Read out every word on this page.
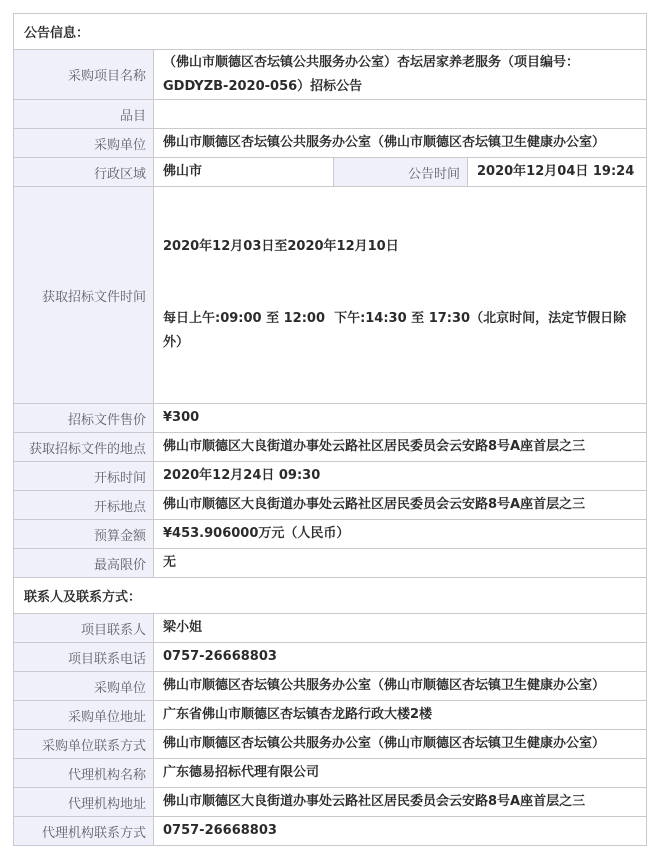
公告信息：			
采购项目名称	（佛山市顺德区杏坛镇公共服务办公室）杏坛居家养老服务（项目编号：GDDYZB-2020-056）招标公告		
品目			
采购单位	佛山市顺德区杏坛镇公共服务办公室（佛山市顺德区杏坛镇卫生健康办公室）		
行政区域	佛山市	公告时间	2020年12月04日 19:24
获取招标文件时间	2020年12月03日至2020年12月10日

每日上午:09:00 至 12:00  下午:14:30 至 17:30（北京时间，法定节假日除外）		

招标文件售价	¥300		
获取招标文件的地点	佛山市顺德区大良街道办事处云路社区居民委员会云安路8号A座首层之三		
开标时间	2020年12月24日 09:30		
开标地点	佛山市顺德区大良街道办事处云路社区居民委员会云安路8号A座首层之三		
预算金额	¥453.906000万元（人民币）		
最高限价	无		
联系人及联系方式：			
项目联系人	梁小姐		
项目联系电话	0757-26668803		
采购单位	佛山市顺德区杏坛镇公共服务办公室（佛山市顺德区杏坛镇卫生健康办公室）		
采购单位地址	广东省佛山市顺德区杏坛镇杏龙路行政大楼2楼		
采购单位联系方式	佛山市顺德区杏坛镇公共服务办公室（佛山市顺德区杏坛镇卫生健康办公室）		
代理机构名称	广东德易招标代理有限公司		
代理机构地址	佛山市顺德区大良街道办事处云路社区居民委员会云安路8号A座首层之三		
代理机构联系方式	0757-26668803		
